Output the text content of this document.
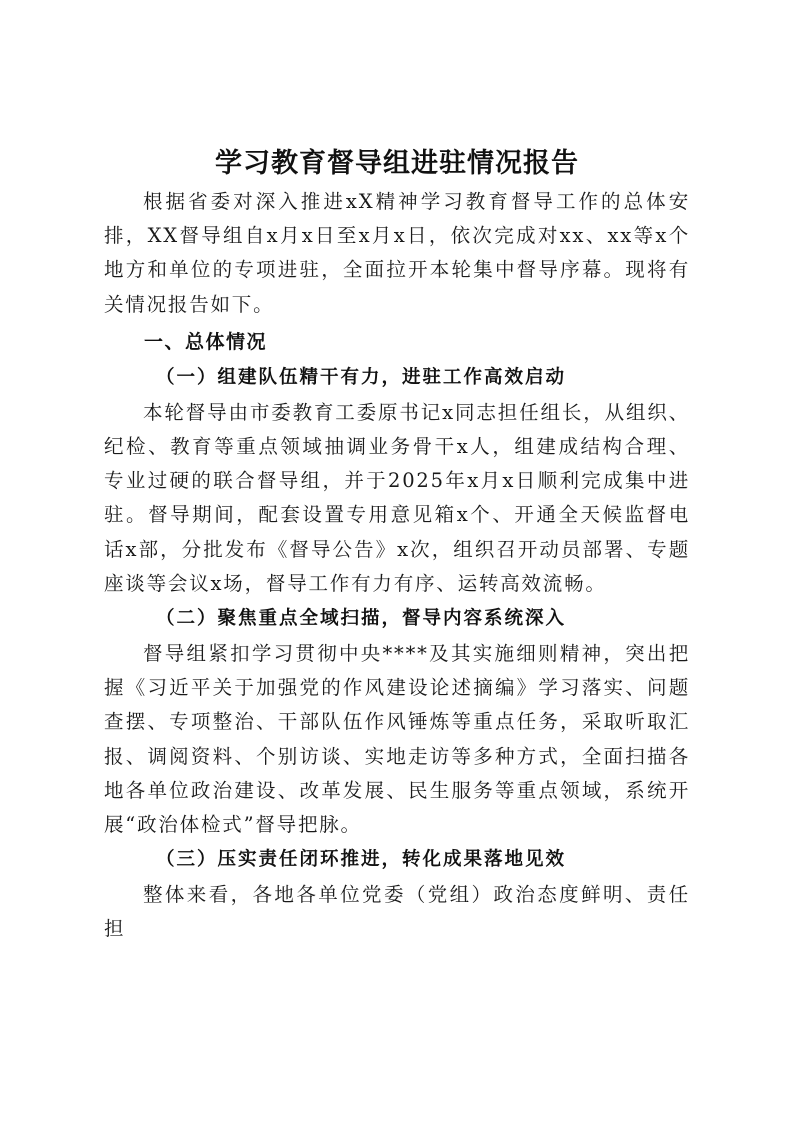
学习教育督导组进驻情况报告

根据省委对深入推进xX精神学习教育督导工作的总体安排，XX督导组自x月x日至x月x日，依次完成对xx、xx等x个地方和单位的专项进驻，全面拉开本轮集中督导序幕。现将有关情况报告如下。

一、总体情况
（一）组建队伍精干有力，进驻工作高效启动

本轮督导由市委教育工委原书记x同志担任组长，从组织、纪检、教育等重点领域抽调业务骨干x人，组建成结构合理、专业过硬的联合督导组，并于2025年x月x日顺利完成集中进驻。督导期间，配套设置专用意见箱x个、开通全天候监督电话x部，分批发布《督导公告》x次，组织召开动员部署、专题座谈等会议x场，督导工作有力有序、运转高效流畅。

（二）聚焦重点全域扫描，督导内容系统深入

督导组紧扣学习贯彻中央****及其实施细则精神，突出把握《习近平关于加强党的作风建设论述摘编》学习落实、问题查摆、专项整治、干部队伍作风锤炼等重点任务，采取听取汇报、调阅资料、个别访谈、实地走访等多种方式，全面扫描各地各单位政治建设、改革发展、民生服务等重点领域，系统开展“政治体检式”督导把脉。

（三）压实责任闭环推进，转化成果落地见效

整体来看，各地各单位党委（党组）政治态度鲜明、责任担
